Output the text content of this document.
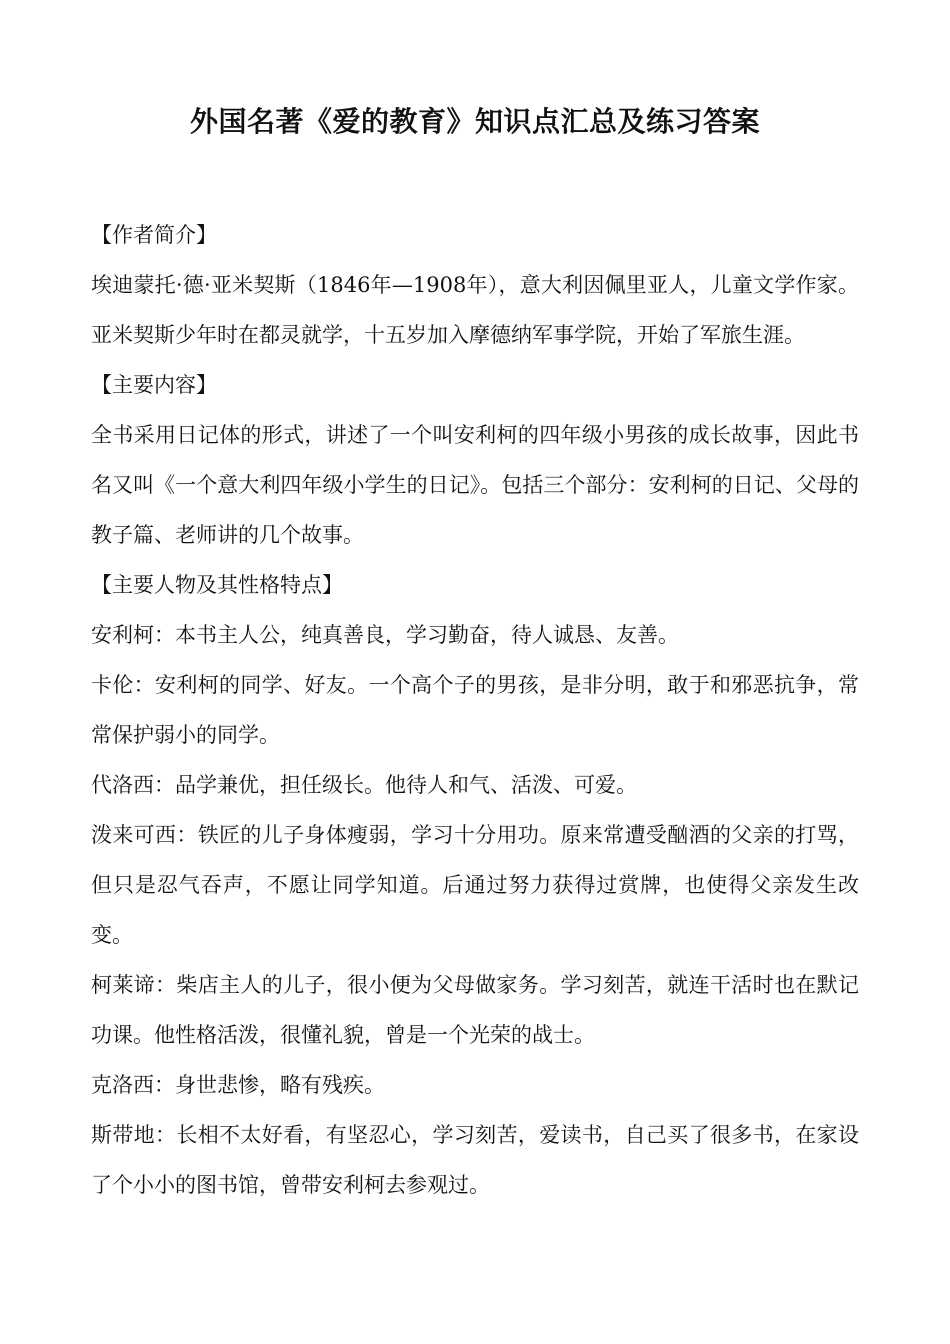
外国名著《爱的教育》知识点汇总及练习答案

【作者简介】

埃迪蒙托·德·亚米契斯（1846年—1908年），意大利因佩里亚人，儿童文学作家。亚米契斯少年时在都灵就学，十五岁加入摩德纳军事学院，开始了军旅生涯。

【主要内容】

全书采用日记体的形式，讲述了一个叫安利柯的四年级小男孩的成长故事，因此书名又叫《一个意大利四年级小学生的日记》。包括三个部分：安利柯的日记、父母的教子篇、老师讲的几个故事。

【主要人物及其性格特点】

安利柯：本书主人公，纯真善良，学习勤奋，待人诚恳、友善。

卡伦：安利柯的同学、好友。一个高个子的男孩，是非分明，敢于和邪恶抗争，常常保护弱小的同学。

代洛西：品学兼优，担任级长。他待人和气、活泼、可爱。

泼来可西：铁匠的儿子身体瘦弱，学习十分用功。原来常遭受酗酒的父亲的打骂，但只是忍气吞声，不愿让同学知道。后通过努力获得过赏牌，也使得父亲发生改变。

柯莱谛：柴店主人的儿子，很小便为父母做家务。学习刻苦，就连干活时也在默记功课。他性格活泼，很懂礼貌，曾是一个光荣的战士。

克洛西：身世悲惨，略有残疾。

斯带地：长相不太好看，有坚忍心，学习刻苦，爱读书，自己买了很多书，在家设了个小小的图书馆，曾带安利柯去参观过。
